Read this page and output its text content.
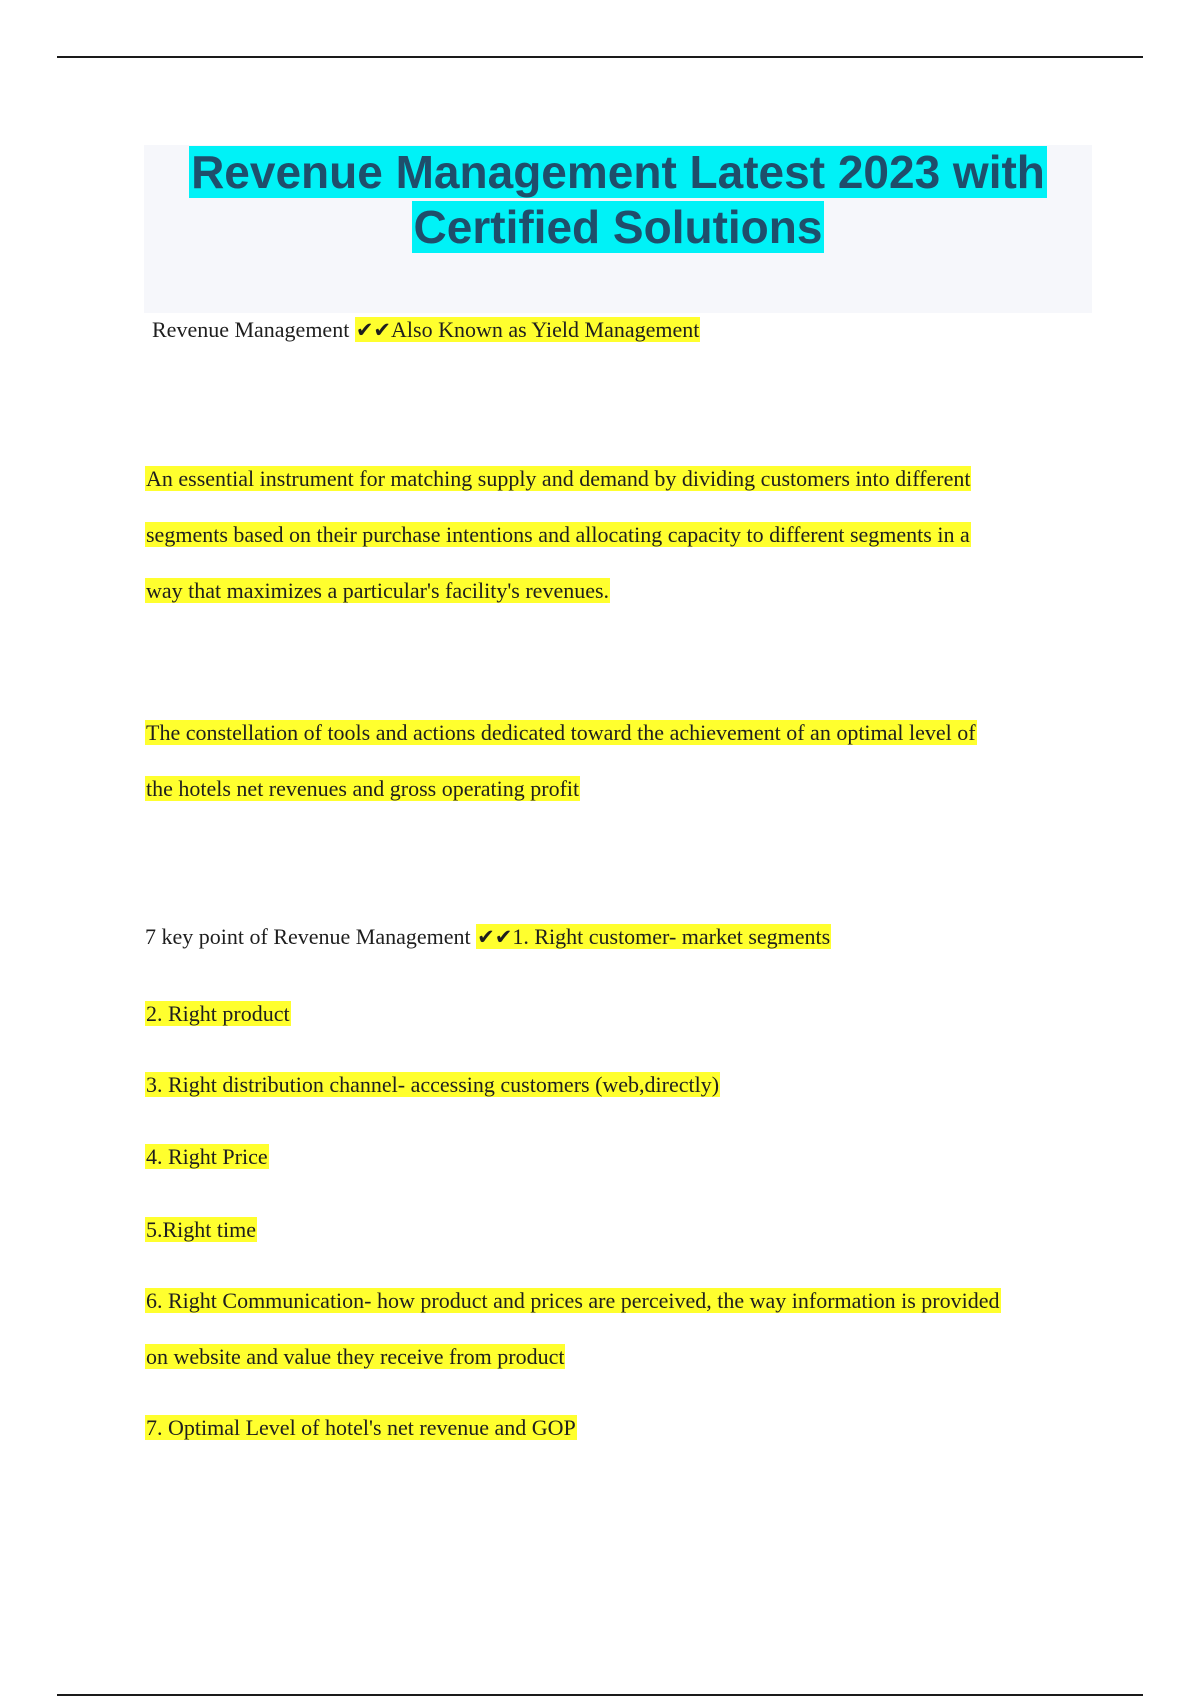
Revenue Management Latest 2023 with
Certified Solutions

Revenue Management ✔✔Also Known as Yield Management

An essential instrument for matching supply and demand by dividing customers into different

segments based on their purchase intentions and allocating capacity to different segments in a

way that maximizes a particular's facility's revenues.

The constellation of tools and actions dedicated toward the achievement of an optimal level of

the hotels net revenues and gross operating profit

7 key point of Revenue Management ✔✔1. Right customer- market segments

2. Right product

3. Right distribution channel- accessing customers (web,directly)

4. Right Price

5.Right time

6. Right Communication- how product and prices are perceived, the way information is provided

on website and value they receive from product

7. Optimal Level of hotel's net revenue and GOP
